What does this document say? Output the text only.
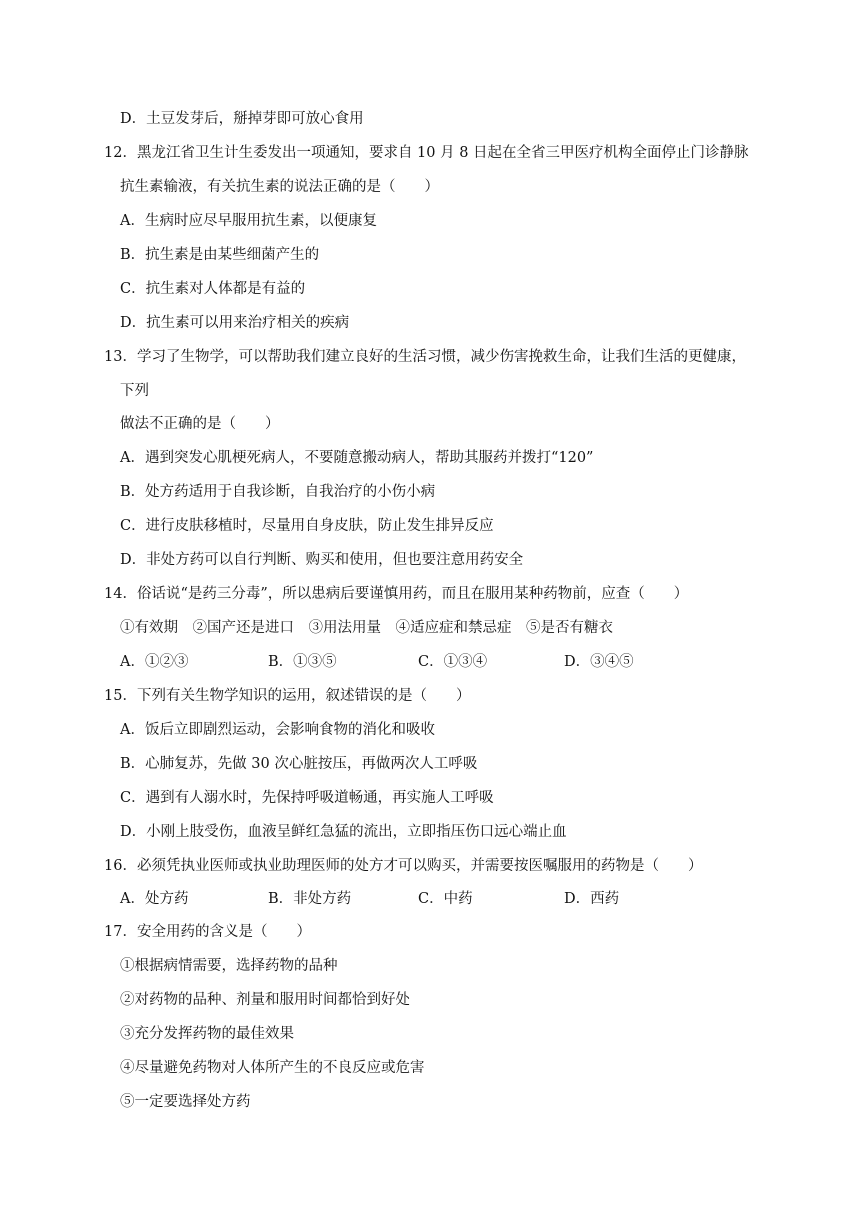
D．土豆发芽后，掰掉芽即可放心食用
12．黑龙江省卫生计生委发出一项通知，要求自 10 月 8 日起在全省三甲医疗机构全面停止门诊静脉
抗生素输液，有关抗生素的说法正确的是（　　）
A．生病时应尽早服用抗生素，以便康复
B．抗生素是由某些细菌产生的
C．抗生素对人体都是有益的
D．抗生素可以用来治疗相关的疾病
13．学习了生物学，可以帮助我们建立良好的生活习惯，减少伤害挽救生命，让我们生活的更健康，
下列
做法不正确的是（　　）
A．遇到突发心肌梗死病人，不要随意搬动病人，帮助其服药并拨打“120”
B．处方药适用于自我诊断，自我治疗的小伤小病
C．进行皮肤移植时，尽量用自身皮肤，防止发生排异反应
D．非处方药可以自行判断、购买和使用，但也要注意用药安全
14．俗话说“是药三分毒”，所以患病后要谨慎用药，而且在服用某种药物前，应查（　　）
①有效期　②国产还是进口　③用法用量　④适应症和禁忌症　⑤是否有糖衣
A．①②③	B．①③⑤	C．①③④	D．③④⑤
15．下列有关生物学知识的运用，叙述错误的是（　　）
A．饭后立即剧烈运动，会影响食物的消化和吸收
B．心肺复苏，先做 30 次心脏按压，再做两次人工呼吸
C．遇到有人溺水时，先保持呼吸道畅通，再实施人工呼吸
D．小刚上肢受伤，血液呈鲜红急猛的流出，立即指压伤口远心端止血
16．必须凭执业医师或执业助理医师的处方才可以购买，并需要按医嘱服用的药物是（　　）
A．处方药	B．非处方药	C．中药	D．西药
17．安全用药的含义是（　　）
①根据病情需要，选择药物的品种
②对药物的品种、剂量和服用时间都恰到好处
③充分发挥药物的最佳效果
④尽量避免药物对人体所产生的不良反应或危害
⑤一定要选择处方药
